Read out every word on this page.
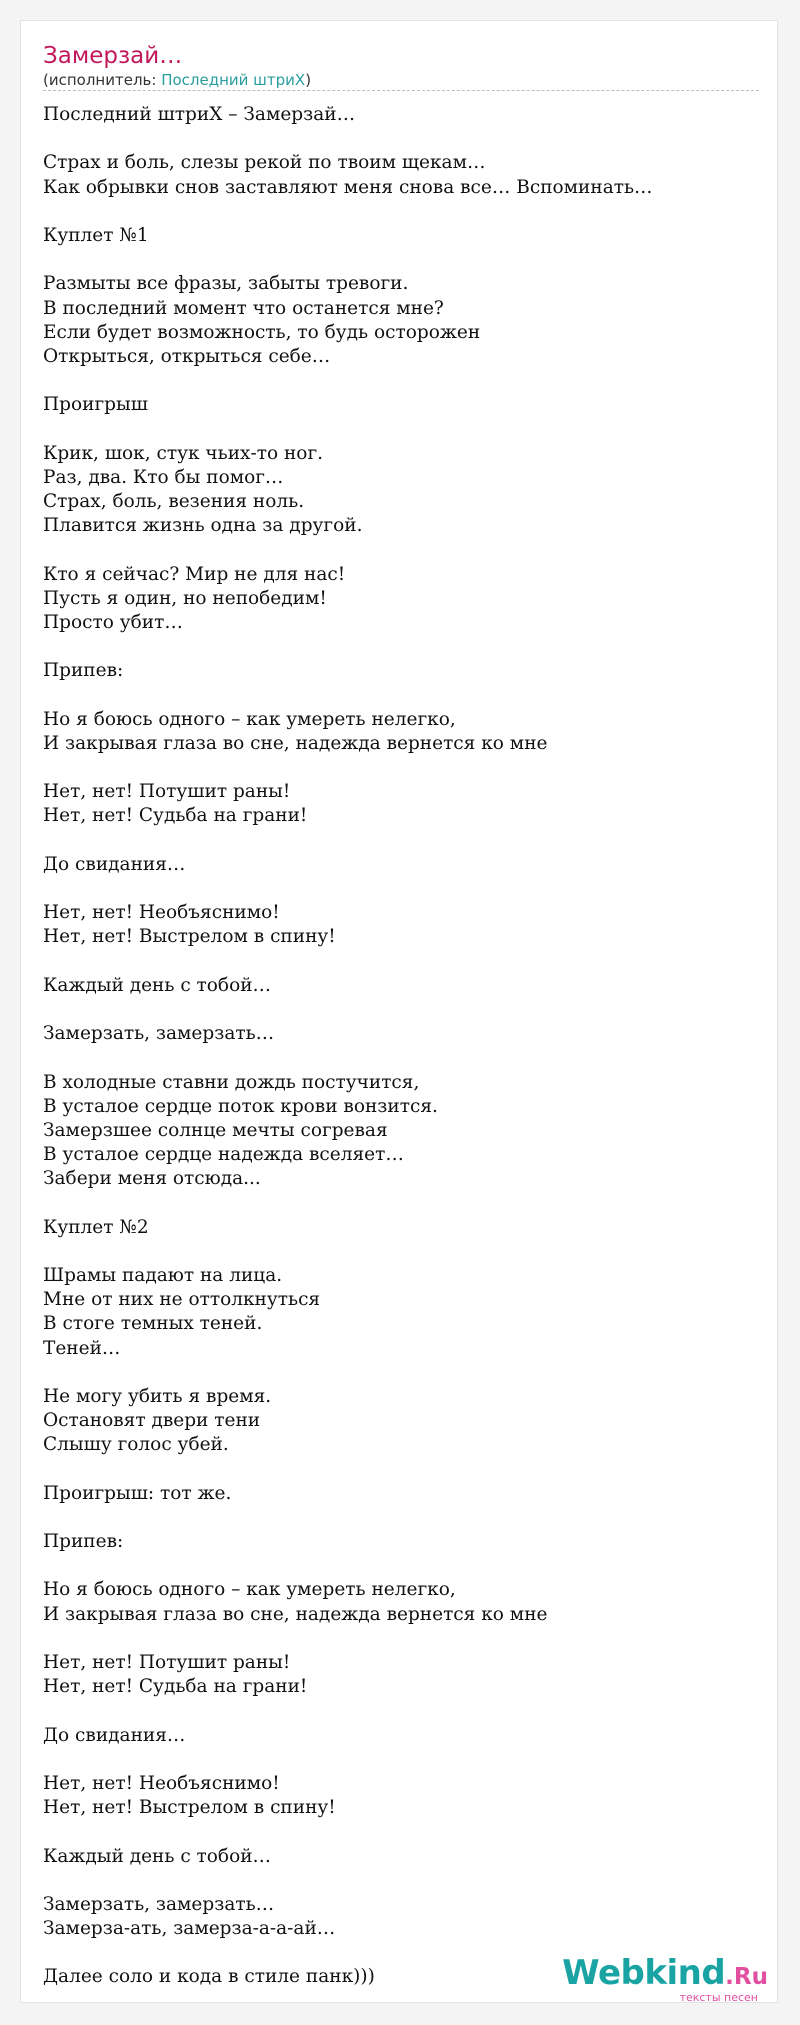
Замерзай…
(исполнитель: Последний штриХ)
Последний штриХ – Замерзай…
Страх и боль, слезы рекой по твоим щекам…
Как обрывки снов заставляют меня снова все… Вспоминать…
Куплет №1
Размыты все фразы, забыты тревоги.
В последний момент что останется мне?
Если будет возможность, то будь осторожен
Открыться, открыться себе…
Проигрыш
Крик, шок, стук чьих-то ног.
Раз, два. Кто бы помог…
Страх, боль, везения ноль.
Плавится жизнь одна за другой.
Кто я сейчас? Мир не для нас!
Пусть я один, но непобедим!
Просто убит…
Припев:
Но я боюсь одного – как умереть нелегко,
И закрывая глаза во сне, надежда вернется ко мне
Нет, нет! Потушит раны!
Нет, нет! Судьба на грани!
До свидания…
Нет, нет! Необъяснимо!
Нет, нет! Выстрелом в спину!
Каждый день с тобой…
Замерзать, замерзать…
В холодные ставни дождь постучится,
В усталое сердце поток крови вонзится.
Замерзшее солнце мечты согревая
В усталое сердце надежда вселяет…
Забери меня отсюда...
Куплет №2
Шрамы падают на лица.
Мне от них не оттолкнуться
В стоге темных теней.
Теней…
Не могу убить я время.
Остановят двери тени
Слышу голос убей.
Проигрыш: тот же.
Припев:
Но я боюсь одного – как умереть нелегко,
И закрывая глаза во сне, надежда вернется ко мне
Нет, нет! Потушит раны!
Нет, нет! Судьба на грани!
До свидания…
Нет, нет! Необъяснимо!
Нет, нет! Выстрелом в спину!
Каждый день с тобой…
Замерзать, замерзать…
Замерза-ать, замерза-а-а-ай…
Далее соло и кода в стиле панк)))	Webkind.Ru
тексты песен
